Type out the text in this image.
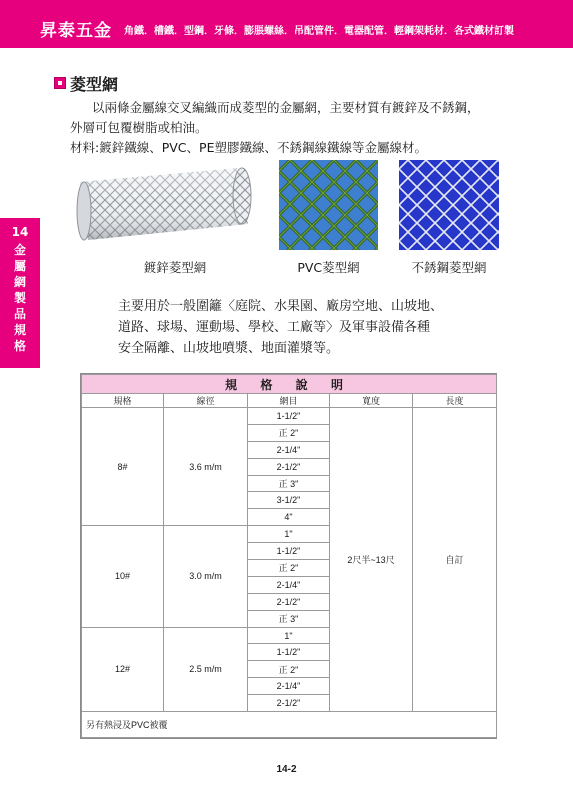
昇泰五金 角鐵．槽鐵．型鋼．牙條．膨脹螺絲．吊配管件．電器配管．輕鋼架耗材．各式鐵材訂製
14
金
屬
網
製
品
規
格
菱型網

以兩條金屬線交叉編織而成菱型的金屬網，主要材質有鍍鋅及不銹鋼，

外層可包覆樹脂或柏油。

材料:鍍鋅鐵線、PVC、PE塑膠鐵線、不銹鋼線鐵線等金屬線材。

鍍鋅菱型網	PVC菱型網	不銹鋼菱型網

主要用於一般圍籬〈庭院、水果園、廠房空地、山坡地、

道路、球場、運動場、學校、工廠等〉及軍事設備各種

安全隔離、山坡地噴漿、地面灌漿等。

規 格 說 明				
規格	線徑	網目	寬度	長度
8#	3.6 m/m	1-1/2"	2尺半~13尺	自訂
		正 2"		
		2-1/4"		
		2-1/2"		
		正 3"		
		3-1/2"		
		4"		
10#	3.0 m/m	1"		
		1-1/2"		
		正 2"		
		2-1/4"		
		2-1/2"		
		正 3"		
12#	2.5 m/m	1"		
		1-1/2"		
		正 2"		
		2-1/4"		
		2-1/2"		
另有熱浸及PVC被覆				
14-2
